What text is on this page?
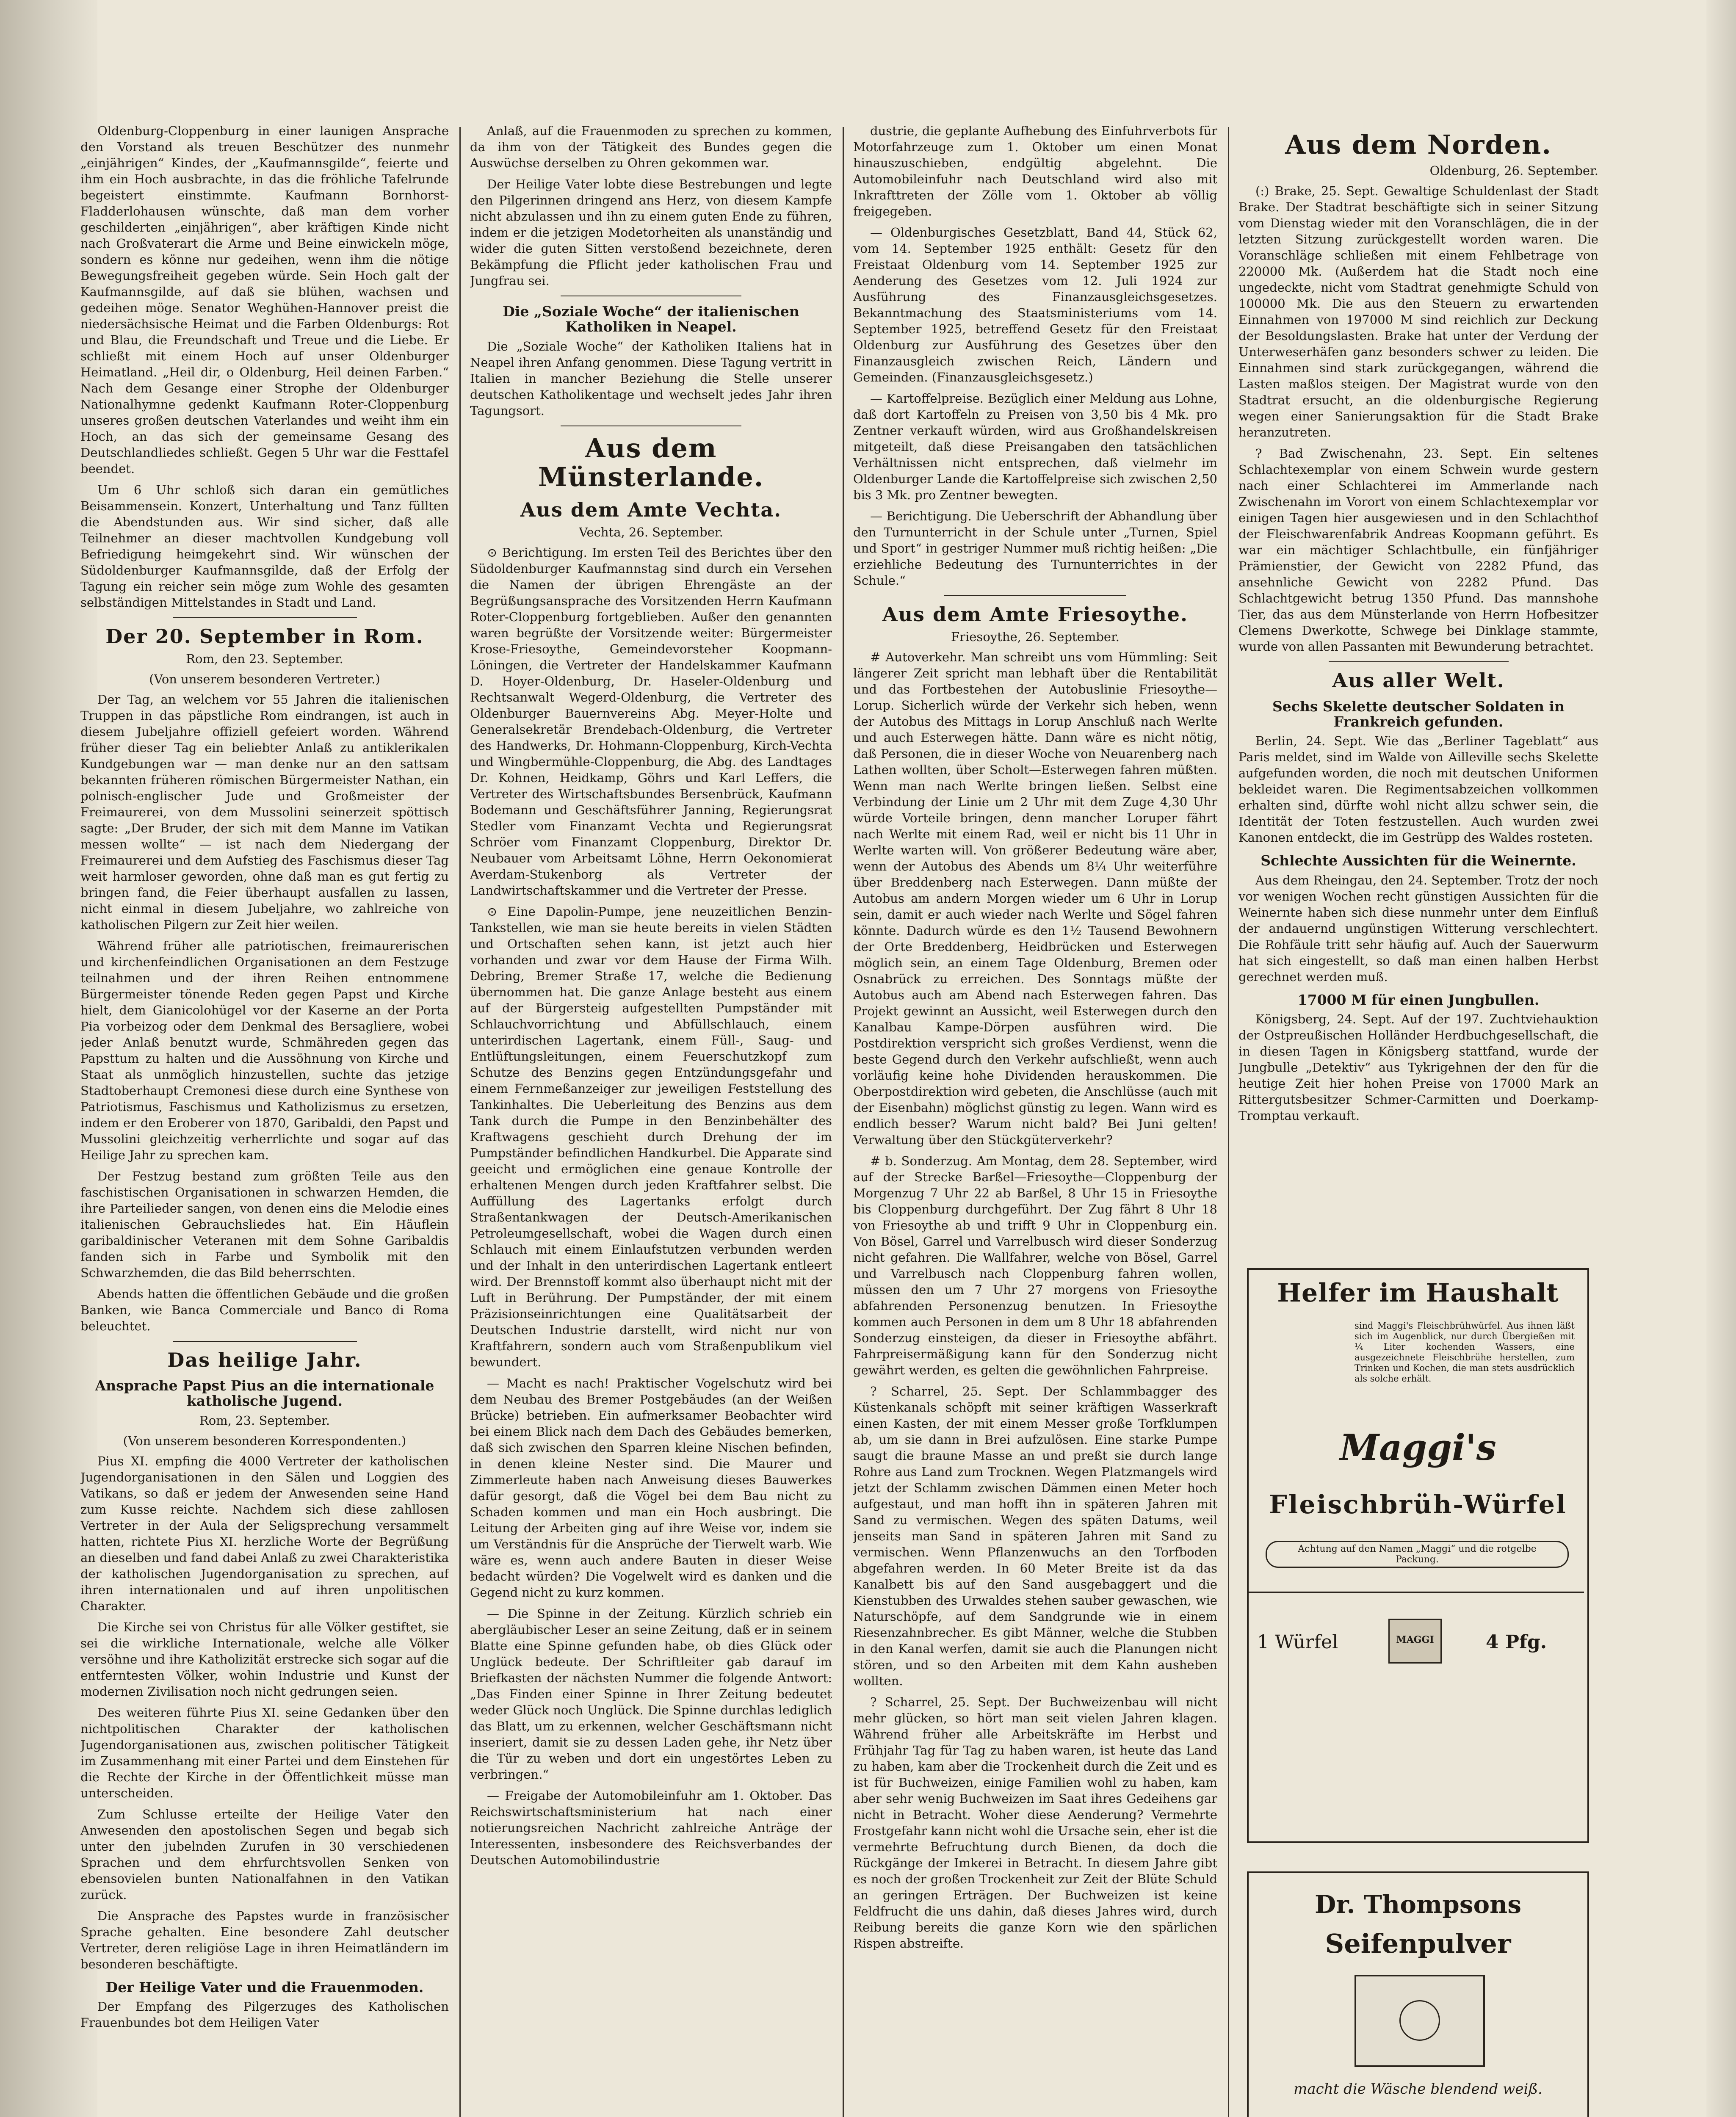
Oldenburg-Cloppenburg in einer launigen Ansprache den Vorstand als treuen Beschützer des nunmehr „einjährigen“ Kindes, der „Kaufmannsgilde“, feierte und ihm ein Hoch ausbrachte, in das die fröhliche Tafelrunde begeistert einstimmte. Kaufmann Bornhorst-Fladderlohausen wünschte, daß man dem vorher geschilderten „einjährigen“, aber kräftigen Kinde nicht nach Großvaterart die Arme und Beine einwickeln möge, sondern es könne nur gedeihen, wenn ihm die nötige Bewegungsfreiheit gegeben würde. Sein Hoch galt der Kaufmannsgilde, auf daß sie blühen, wachsen und gedeihen möge. Senator Weghühen-Hannover preist die niedersächsische Heimat und die Farben Oldenburgs: Rot und Blau, die Freundschaft und Treue und die Liebe. Er schließt mit einem Hoch auf unser Oldenburger Heimatland. „Heil dir, o Oldenburg, Heil deinen Farben.“ Nach dem Gesange einer Strophe der Oldenburger Nationalhymne gedenkt Kaufmann Roter-Cloppenburg unseres großen deutschen Vaterlandes und weiht ihm ein Hoch, an das sich der gemeinsame Gesang des Deutschlandliedes schließt. Gegen 5 Uhr war die Festtafel beendet.

Um 6 Uhr schloß sich daran ein gemütliches Beisammensein. Konzert, Unterhaltung und Tanz füllten die Abendstunden aus. Wir sind sicher, daß alle Teilnehmer an dieser machtvollen Kundgebung voll Befriedigung heimgekehrt sind. Wir wünschen der Südoldenburger Kaufmannsgilde, daß der Erfolg der Tagung ein reicher sein möge zum Wohle des gesamten selbständigen Mittelstandes in Stadt und Land.

Der 20. September in Rom.
Rom, den 23. September.
(Von unserem besonderen Vertreter.)

Der Tag, an welchem vor 55 Jahren die italienischen Truppen in das päpstliche Rom eindrangen, ist auch in diesem Jubeljahre offiziell gefeiert worden. Während früher dieser Tag ein beliebter Anlaß zu antiklerikalen Kundgebungen war — man denke nur an den sattsam bekannten früheren römischen Bürgermeister Nathan, ein polnisch-englischer Jude und Großmeister der Freimaurerei, von dem Mussolini seinerzeit spöttisch sagte: „Der Bruder, der sich mit dem Manne im Vatikan messen wollte“ — ist nach dem Niedergang der Freimaurerei und dem Aufstieg des Faschismus dieser Tag weit harmloser geworden, ohne daß man es gut fertig zu bringen fand, die Feier überhaupt ausfallen zu lassen, nicht einmal in diesem Jubeljahre, wo zahlreiche von katholischen Pilgern zur Zeit hier weilen.

Während früher alle patriotischen, freimaurerischen und kirchenfeindlichen Organisationen an dem Festzuge teilnahmen und der ihren Reihen entnommene Bürgermeister tönende Reden gegen Papst und Kirche hielt, dem Gianicolohügel vor der Kaserne an der Porta Pia vorbeizog oder dem Denkmal des Bersagliere, wobei jeder Anlaß benutzt wurde, Schmähreden gegen das Papsttum zu halten und die Aussöhnung von Kirche und Staat als unmöglich hinzustellen, suchte das jetzige Stadtoberhaupt Cremonesi diese durch eine Synthese von Patriotismus, Faschismus und Katholizismus zu ersetzen, indem er den Eroberer von 1870, Garibaldi, den Papst und Mussolini gleichzeitig verherrlichte und sogar auf das Heilige Jahr zu sprechen kam.

Der Festzug bestand zum größten Teile aus den faschistischen Organisationen in schwarzen Hemden, die ihre Parteilieder sangen, von denen eins die Melodie eines italienischen Gebrauchsliedes hat. Ein Häuflein garibaldinischer Veteranen mit dem Sohne Garibaldis fanden sich in Farbe und Symbolik mit den Schwarzhemden, die das Bild beherrschten.

Abends hatten die öffentlichen Gebäude und die großen Banken, wie Banca Commerciale und Banco di Roma beleuchtet.

Das heilige Jahr.
Ansprache Papst Pius an die internationale katholische Jugend.
Rom, 23. September.
(Von unserem besonderen Korrespondenten.)

Pius XI. empfing die 4000 Vertreter der katholischen Jugendorganisationen in den Sälen und Loggien des Vatikans, so daß er jedem der Anwesenden seine Hand zum Kusse reichte. Nachdem sich diese zahllosen Vertreter in der Aula der Seligsprechung versammelt hatten, richtete Pius XI. herzliche Worte der Begrüßung an dieselben und fand dabei Anlaß zu zwei Charakteristika der katholischen Jugendorganisation zu sprechen, auf ihren internationalen und auf ihren unpolitischen Charakter.

Die Kirche sei von Christus für alle Völker gestiftet, sie sei die wirkliche Internationale, welche alle Völker versöhne und ihre Katholizität erstrecke sich sogar auf die entferntesten Völker, wohin Industrie und Kunst der modernen Zivilisation noch nicht gedrungen seien.

Des weiteren führte Pius XI. seine Gedanken über den nichtpolitischen Charakter der katholischen Jugendorganisationen aus, zwischen politischer Tätigkeit im Zusammenhang mit einer Partei und dem Einstehen für die Rechte der Kirche in der Öffentlichkeit müsse man unterscheiden.

Zum Schlusse erteilte der Heilige Vater den Anwesenden den apostolischen Segen und begab sich unter den jubelnden Zurufen in 30 verschiedenen Sprachen und dem ehrfurchtsvollen Senken von ebensovielen bunten Nationalfahnen in den Vatikan zurück.

Die Ansprache des Papstes wurde in französischer Sprache gehalten. Eine besondere Zahl deutscher Vertreter, deren religiöse Lage in ihren Heimatländern im besonderen beschäftigte.

Der Heilige Vater und die Frauenmoden.

Der Empfang des Pilgerzuges des Katholischen Frauenbundes bot dem Heiligen Vater

Anlaß, auf die Frauenmoden zu sprechen zu kommen, da ihm von der Tätigkeit des Bundes gegen die Auswüchse derselben zu Ohren gekommen war.

Der Heilige Vater lobte diese Bestrebungen und legte den Pilgerinnen dringend ans Herz, von diesem Kampfe nicht abzulassen und ihn zu einem guten Ende zu führen, indem er die jetzigen Modetorheiten als unanständig und wider die guten Sitten verstoßend bezeichnete, deren Bekämpfung die Pflicht jeder katholischen Frau und Jungfrau sei.

Die „Soziale Woche“ der italienischen Katholiken in Neapel.

Die „Soziale Woche“ der Katholiken Italiens hat in Neapel ihren Anfang genommen. Diese Tagung vertritt in Italien in mancher Beziehung die Stelle unserer deutschen Katholikentage und wechselt jedes Jahr ihren Tagungsort.

Aus dem Münsterlande.
Aus dem Amte Vechta.
Vechta, 26. September.

⊙ Berichtigung. Im ersten Teil des Berichtes über den Südoldenburger Kaufmannstag sind durch ein Versehen die Namen der übrigen Ehrengäste an der Begrüßungsansprache des Vorsitzenden Herrn Kaufmann Roter-Cloppenburg fortgeblieben. Außer den genannten waren begrüßte der Vorsitzende weiter: Bürgermeister Krose-Friesoythe, Gemeindevorsteher Koopmann-Löningen, die Vertreter der Handelskammer Kaufmann D. Hoyer-Oldenburg, Dr. Haseler-Oldenburg und Rechtsanwalt Wegerd-Oldenburg, die Vertreter des Oldenburger Bauernvereins Abg. Meyer-Holte und Generalsekretär Brendebach-Oldenburg, die Vertreter des Handwerks, Dr. Hohmann-Cloppenburg, Kirch-Vechta und Wingbermühle-Cloppenburg, die Abg. des Landtages Dr. Kohnen, Heidkamp, Göhrs und Karl Leffers, die Vertreter des Wirtschaftsbundes Bersenbrück, Kaufmann Bodemann und Geschäftsführer Janning, Regierungsrat Stedler vom Finanzamt Vechta und Regierungsrat Schröer vom Finanzamt Cloppenburg, Direktor Dr. Neubauer vom Arbeitsamt Löhne, Herrn Oekonomierat Averdam-Stukenborg als Vertreter der Landwirtschaftskammer und die Vertreter der Presse.

⊙ Eine Dapolin-Pumpe, jene neuzeitlichen Benzin-Tankstellen, wie man sie heute bereits in vielen Städten und Ortschaften sehen kann, ist jetzt auch hier vorhanden und zwar vor dem Hause der Firma Wilh. Debring, Bremer Straße 17, welche die Bedienung übernommen hat. Die ganze Anlage besteht aus einem auf der Bürgersteig aufgestellten Pumpständer mit Schlauchvorrichtung und Abfüllschlauch, einem unterirdischen Lagertank, einem Füll-, Saug- und Entlüftungsleitungen, einem Feuerschutzkopf zum Schutze des Benzins gegen Entzündungsgefahr und einem Fernmeßanzeiger zur jeweiligen Feststellung des Tankinhaltes. Die Ueberleitung des Benzins aus dem Tank durch die Pumpe in den Benzinbehälter des Kraftwagens geschieht durch Drehung der im Pumpständer befindlichen Handkurbel. Die Apparate sind geeicht und ermöglichen eine genaue Kontrolle der erhaltenen Mengen durch jeden Kraftfahrer selbst. Die Auffüllung des Lagertanks erfolgt durch Straßentankwagen der Deutsch-Amerikanischen Petroleumgesellschaft, wobei die Wagen durch einen Schlauch mit einem Einlaufstutzen verbunden werden und der Inhalt in den unterirdischen Lagertank entleert wird. Der Brennstoff kommt also überhaupt nicht mit der Luft in Berührung. Der Pumpständer, der mit einem Präzisionseinrichtungen eine Qualitätsarbeit der Deutschen Industrie darstellt, wird nicht nur von Kraftfahrern, sondern auch vom Straßenpublikum viel bewundert.

— Macht es nach! Praktischer Vogelschutz wird bei dem Neubau des Bremer Postgebäudes (an der Weißen Brücke) betrieben. Ein aufmerksamer Beobachter wird bei einem Blick nach dem Dach des Gebäudes bemerken, daß sich zwischen den Sparren kleine Nischen befinden, in denen kleine Nester sind. Die Maurer und Zimmerleute haben nach Anweisung dieses Bauwerkes dafür gesorgt, daß die Vögel bei dem Bau nicht zu Schaden kommen und man ein Hoch ausbringt. Die Leitung der Arbeiten ging auf ihre Weise vor, indem sie um Verständnis für die Ansprüche der Tierwelt warb. Wie wäre es, wenn auch andere Bauten in dieser Weise bedacht würden? Die Vogelwelt wird es danken und die Gegend nicht zu kurz kommen.

— Die Spinne in der Zeitung. Kürzlich schrieb ein abergläubischer Leser an seine Zeitung, daß er in seinem Blatte eine Spinne gefunden habe, ob dies Glück oder Unglück bedeute. Der Schriftleiter gab darauf im Briefkasten der nächsten Nummer die folgende Antwort: „Das Finden einer Spinne in Ihrer Zeitung bedeutet weder Glück noch Unglück. Die Spinne durchlas lediglich das Blatt, um zu erkennen, welcher Geschäftsmann nicht inseriert, damit sie zu dessen Laden gehe, ihr Netz über die Tür zu weben und dort ein ungestörtes Leben zu verbringen.“

— Freigabe der Automobileinfuhr am 1. Oktober. Das Reichswirtschaftsministerium hat nach einer notierungsreichen Nachricht zahlreiche Anträge der Interessenten, insbesondere des Reichsverbandes der Deutschen Automobilindustrie

dustrie, die geplante Aufhebung des Einfuhrverbots für Motorfahrzeuge zum 1. Oktober um einen Monat hinauszuschieben, endgültig abgelehnt. Die Automobileinfuhr nach Deutschland wird also mit Inkrafttreten der Zölle vom 1. Oktober ab völlig freigegeben.

— Oldenburgisches Gesetzblatt, Band 44, Stück 62, vom 14. September 1925 enthält: Gesetz für den Freistaat Oldenburg vom 14. September 1925 zur Aenderung des Gesetzes vom 12. Juli 1924 zur Ausführung des Finanzausgleichsgesetzes. Bekanntmachung des Staatsministeriums vom 14. September 1925, betreffend Gesetz für den Freistaat Oldenburg zur Ausführung des Gesetzes über den Finanzausgleich zwischen Reich, Ländern und Gemeinden. (Finanzausgleichsgesetz.)

— Kartoffelpreise. Bezüglich einer Meldung aus Lohne, daß dort Kartoffeln zu Preisen von 3,50 bis 4 Mk. pro Zentner verkauft würden, wird aus Großhandelskreisen mitgeteilt, daß diese Preisangaben den tatsächlichen Verhältnissen nicht entsprechen, daß vielmehr im Oldenburger Lande die Kartoffelpreise sich zwischen 2,50 bis 3 Mk. pro Zentner bewegten.

— Berichtigung. Die Ueberschrift der Abhandlung über den Turnunterricht in der Schule unter „Turnen, Spiel und Sport“ in gestriger Nummer muß richtig heißen: „Die erziehliche Bedeutung des Turnunterrichtes in der Schule.“

Aus dem Amte Friesoythe.
Friesoythe, 26. September.

# Autoverkehr. Man schreibt uns vom Hümmling: Seit längerer Zeit spricht man lebhaft über die Rentabilität und das Fortbestehen der Autobuslinie Friesoythe—Lorup. Sicherlich würde der Verkehr sich heben, wenn der Autobus des Mittags in Lorup Anschluß nach Werlte und auch Esterwegen hätte. Dann wäre es nicht nötig, daß Personen, die in dieser Woche von Neuarenberg nach Lathen wollten, über Scholt—Esterwegen fahren müßten. Wenn man nach Werlte bringen ließen. Selbst eine Verbindung der Linie um 2 Uhr mit dem Zuge 4,30 Uhr würde Vorteile bringen, denn mancher Loruper fährt nach Werlte mit einem Rad, weil er nicht bis 11 Uhr in Werlte warten will. Von größerer Bedeutung wäre aber, wenn der Autobus des Abends um 8¼ Uhr weiterführe über Breddenberg nach Esterwegen. Dann müßte der Autobus am andern Morgen wieder um 6 Uhr in Lorup sein, damit er auch wieder nach Werlte und Sögel fahren könnte. Dadurch würde es den 1½ Tausend Bewohnern der Orte Breddenberg, Heidbrücken und Esterwegen möglich sein, an einem Tage Oldenburg, Bremen oder Osnabrück zu erreichen. Des Sonntags müßte der Autobus auch am Abend nach Esterwegen fahren. Das Projekt gewinnt an Aussicht, weil Esterwegen durch den Kanalbau Kampe-Dörpen ausführen wird. Die Postdirektion verspricht sich großes Verdienst, wenn die beste Gegend durch den Verkehr aufschließt, wenn auch vorläufig keine hohe Dividenden herauskommen. Die Oberpostdirektion wird gebeten, die Anschlüsse (auch mit der Eisenbahn) möglichst günstig zu legen. Wann wird es endlich besser? Warum nicht bald? Bei Juni gelten! Verwaltung über den Stückgüterverkehr?

# b. Sonderzug. Am Montag, dem 28. September, wird auf der Strecke Barßel—Friesoythe—Cloppenburg der Morgenzug 7 Uhr 22 ab Barßel, 8 Uhr 15 in Friesoythe bis Cloppenburg durchgeführt. Der Zug fährt 8 Uhr 18 von Friesoythe ab und trifft 9 Uhr in Cloppenburg ein. Von Bösel, Garrel und Varrelbusch wird dieser Sonderzug nicht gefahren. Die Wallfahrer, welche von Bösel, Garrel und Varrelbusch nach Cloppenburg fahren wollen, müssen den um 7 Uhr 27 morgens von Friesoythe abfahrenden Personenzug benutzen. In Friesoythe kommen auch Personen in dem um 8 Uhr 18 abfahrenden Sonderzug einsteigen, da dieser in Friesoythe abfährt. Fahrpreisermäßigung kann für den Sonderzug nicht gewährt werden, es gelten die gewöhnlichen Fahrpreise.

? Scharrel, 25. Sept. Der Schlammbagger des Küstenkanals schöpft mit seiner kräftigen Wasserkraft einen Kasten, der mit einem Messer große Torfklumpen ab, um sie dann in Brei aufzulösen. Eine starke Pumpe saugt die braune Masse an und preßt sie durch lange Rohre aus Land zum Trocknen. Wegen Platzmangels wird jetzt der Schlamm zwischen Dämmen einen Meter hoch aufgestaut, und man hofft ihn in späteren Jahren mit Sand zu vermischen. Wegen des späten Datums, weil jenseits man Sand in späteren Jahren mit Sand zu vermischen. Wenn Pflanzenwuchs an den Torfboden abgefahren werden. In 60 Meter Breite ist da das Kanalbett bis auf den Sand ausgebaggert und die Kienstubben des Urwaldes stehen sauber gewaschen, wie Naturschöpfe, auf dem Sandgrunde wie in einem Riesenzahnbrecher. Es gibt Männer, welche die Stubben in den Kanal werfen, damit sie auch die Planungen nicht stören, und so den Arbeiten mit dem Kahn ausheben wollten.

? Scharrel, 25. Sept. Der Buchweizenbau will nicht mehr glücken, so hört man seit vielen Jahren klagen. Während früher alle Arbeitskräfte im Herbst und Frühjahr Tag für Tag zu haben waren, ist heute das Land zu haben, kam aber die Trockenheit durch die Zeit und es ist für Buchweizen, einige Familien wohl zu haben, kam aber sehr wenig Buchweizen im Saat ihres Gedeihens gar nicht in Betracht. Woher diese Aenderung? Vermehrte Frostgefahr kann nicht wohl die Ursache sein, eher ist die vermehrte Befruchtung durch Bienen, da doch die Rückgänge der Imkerei in Betracht. In diesem Jahre gibt es noch der großen Trockenheit zur Zeit der Blüte Schuld an geringen Erträgen. Der Buchweizen ist keine Feldfrucht die uns dahin, daß dieses Jahres wird, durch Reibung bereits die ganze Korn wie den spärlichen Rispen abstreifte.

Aus dem Norden.
Oldenburg, 26. September.

(:) Brake, 25. Sept. Gewaltige Schuldenlast der Stadt Brake. Der Stadtrat beschäftigte sich in seiner Sitzung vom Dienstag wieder mit den Voranschlägen, die in der letzten Sitzung zurückgestellt worden waren. Die Voranschläge schließen mit einem Fehlbetrage von 220000 Mk. (Außerdem hat die Stadt noch eine ungedeckte, nicht vom Stadtrat genehmigte Schuld von 100000 Mk. Die aus den Steuern zu erwartenden Einnahmen von 197000 M sind reichlich zur Deckung der Besoldungslasten. Brake hat unter der Verdung der Unterweserhäfen ganz besonders schwer zu leiden. Die Einnahmen sind stark zurückgegangen, während die Lasten maßlos steigen. Der Magistrat wurde von den Stadtrat ersucht, an die oldenburgische Regierung wegen einer Sanierungsaktion für die Stadt Brake heranzutreten.

? Bad Zwischenahn, 23. Sept. Ein seltenes Schlachtexemplar von einem Schwein wurde gestern nach einer Schlachterei im Ammerlande nach Zwischenahn im Vorort von einem Schlachtexemplar vor einigen Tagen hier ausgewiesen und in den Schlachthof der Fleischwarenfabrik Andreas Koopmann geführt. Es war ein mächtiger Schlachtbulle, ein fünfjähriger Prämienstier, der Gewicht von 2282 Pfund, das ansehnliche Gewicht von 2282 Pfund. Das Schlachtgewicht betrug 1350 Pfund. Das mannshohe Tier, das aus dem Münsterlande von Herrn Hofbesitzer Clemens Dwerkotte, Schwege bei Dinklage stammte, wurde von allen Passanten mit Bewunderung betrachtet.

Aus aller Welt.
Sechs Skelette deutscher Soldaten in Frankreich gefunden.

Berlin, 24. Sept. Wie das „Berliner Tageblatt“ aus Paris meldet, sind im Walde von Ailleville sechs Skelette aufgefunden worden, die noch mit deutschen Uniformen bekleidet waren. Die Regimentsabzeichen vollkommen erhalten sind, dürfte wohl nicht allzu schwer sein, die Identität der Toten festzustellen. Auch wurden zwei Kanonen entdeckt, die im Gestrüpp des Waldes rosteten.

Schlechte Aussichten für die Weinernte.

Aus dem Rheingau, den 24. September. Trotz der noch vor wenigen Wochen recht günstigen Aussichten für die Weinernte haben sich diese nunmehr unter dem Einfluß der andauernd ungünstigen Witterung verschlechtert. Die Rohfäule tritt sehr häufig auf. Auch der Sauerwurm hat sich eingestellt, so daß man einen halben Herbst gerechnet werden muß.

17000 M für einen Jungbullen.

Königsberg, 24. Sept. Auf der 197. Zuchtviehauktion der Ostpreußischen Holländer Herdbuchgesellschaft, die in diesen Tagen in Königsberg stattfand, wurde der Jungbulle „Detektiv“ aus Tykrigehnen der den für die heutige Zeit hier hohen Preise von 17000 Mark an Rittergutsbesitzer Schmer-Carmitten und Doerkamp-Tromptau verkauft.

Helfer im Haushalt
sind Maggi's Fleischbrühwürfel. Aus ihnen läßt sich im Augenblick, nur durch Übergießen mit ¼ Liter kochenden Wassers, eine ausgezeichnete Fleischbrühe herstellen, zum Trinken und Kochen, die man stets ausdrücklich als solche erhält.
Maggi's
Fleischbrüh-Würfel
Achtung auf den Namen „Maggi“ und die rotgelbe Packung.
1 Würfel	MAGGI	4 Pfg.
Dr. Thompsons
Seifenpulver
macht die Wäsche blendend weiß.
